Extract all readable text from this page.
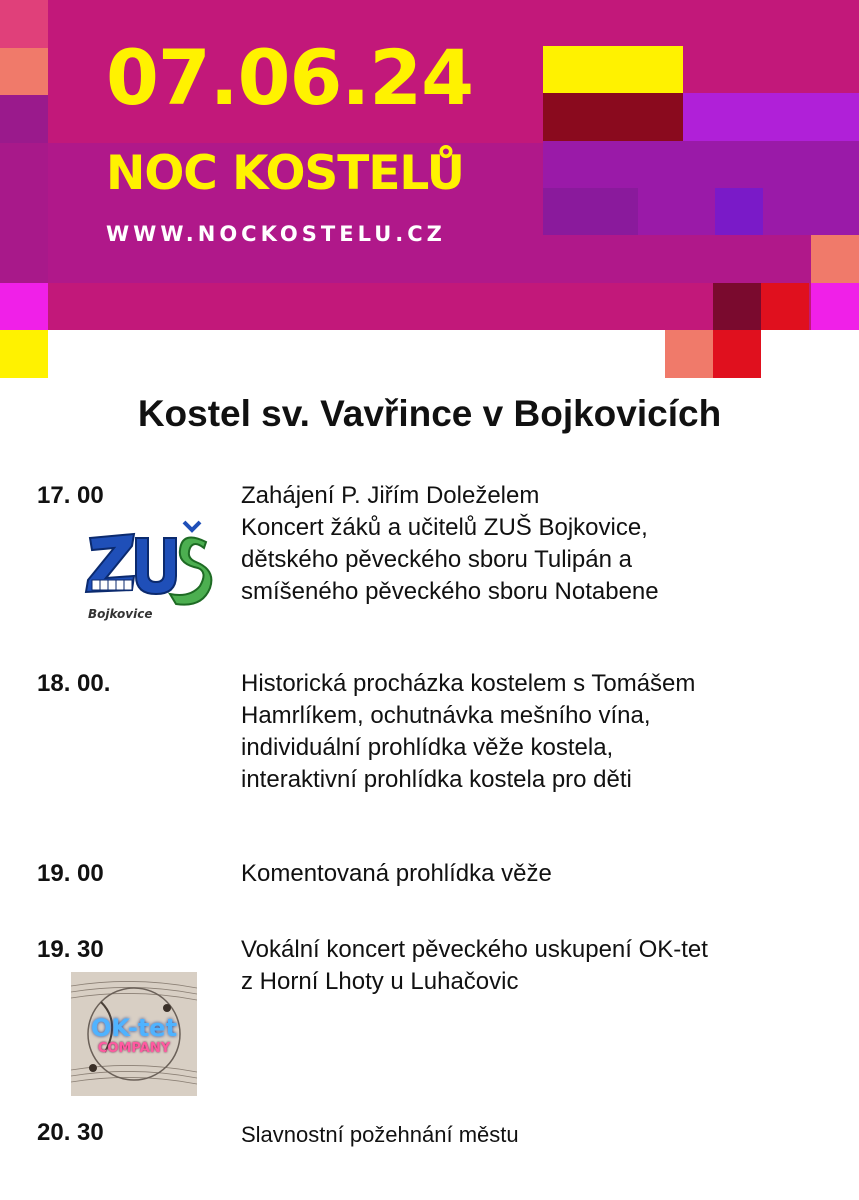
07.06.24
NOC KOSTELŮ
WWW.NOCKOSTELU.CZ
Kostel sv. Vavřince v Bojkovicích
17. 00	Zahájení P. Jiřím Doleželem
Koncert žáků a učitelů ZUŠ Bojkovice,
dětského pěveckého sboru Tulipán a
smíšeného pěveckého sboru Notabene
Bojkovice
18. 00.	Historická procházka kostelem s Tomášem
Hamrlíkem, ochutnávka mešního vína,
individuální prohlídka věže kostela,
interaktivní prohlídka kostela pro děti
19. 00	Komentovaná prohlídka věže
19. 30	Vokální koncert pěveckého uskupení OK-tet
z Horní Lhoty u Luhačovic
OK-tet
COMPANY
20. 30	Slavnostní požehnání městu
